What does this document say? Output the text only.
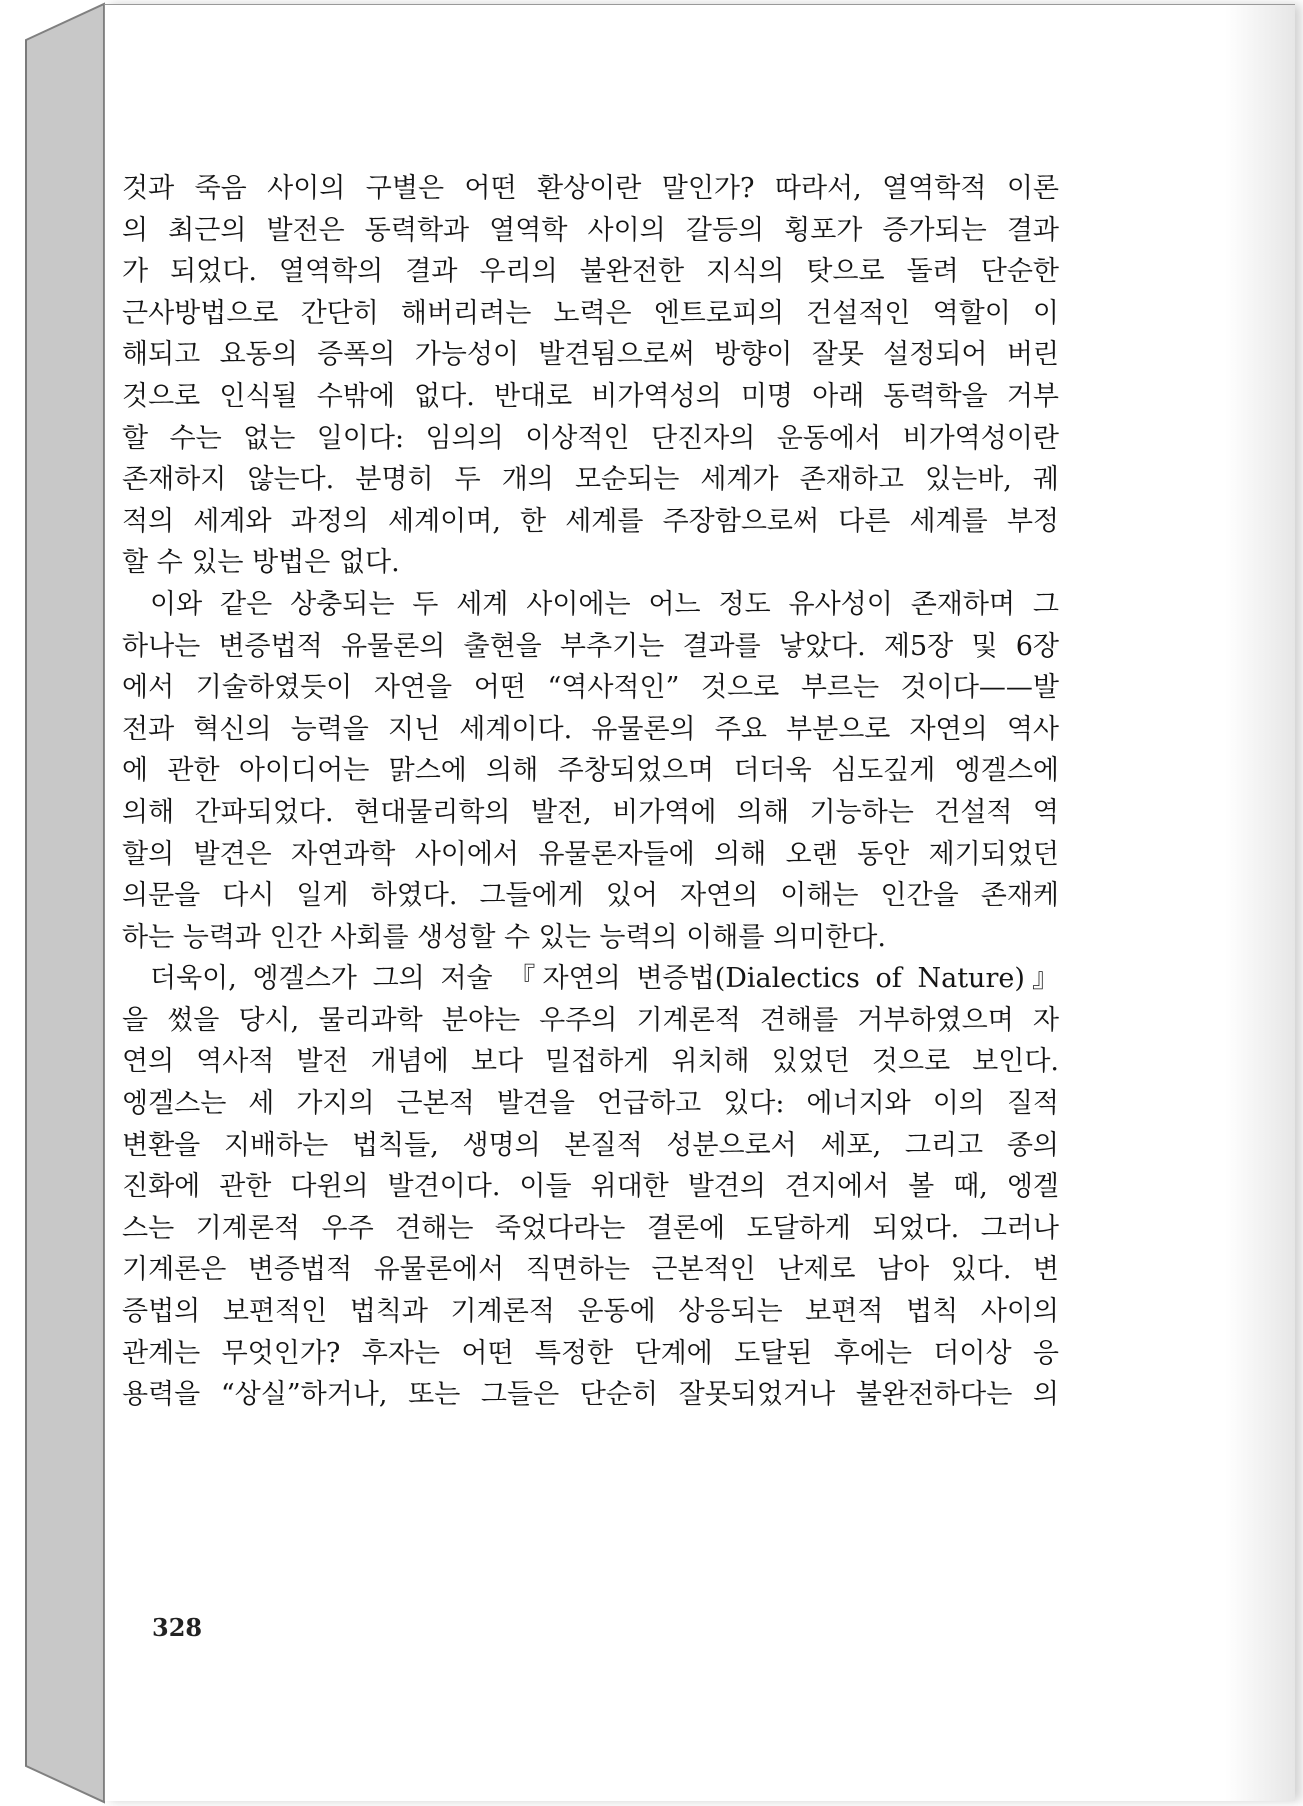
것과 죽음 사이의 구별은 어떤 환상이란 말인가? 따라서, 열역학적 이론
의 최근의 발전은 동력학과 열역학 사이의 갈등의 횡포가 증가되는 결과
가 되었다. 열역학의 결과 우리의 불완전한 지식의 탓으로 돌려 단순한
근사방법으로 간단히 해버리려는 노력은 엔트로피의 건설적인 역할이 이
해되고 요동의 증폭의 가능성이 발견됨으로써 방향이 잘못 설정되어 버린
것으로 인식될 수밖에 없다. 반대로 비가역성의 미명 아래 동력학을 거부
할 수는 없는 일이다: 임의의 이상적인 단진자의 운동에서 비가역성이란
존재하지 않는다. 분명히 두 개의 모순되는 세계가 존재하고 있는바, 궤
적의 세계와 과정의 세계이며, 한 세계를 주장함으로써 다른 세계를 부정
할 수 있는 방법은 없다.
이와 같은 상충되는 두 세계 사이에는 어느 정도 유사성이 존재하며 그
하나는 변증법적 유물론의 출현을 부추기는 결과를 낳았다. 제5장 및 6장
에서 기술하였듯이 자연을 어떤 “역사적인” 것으로 부르는 것이다——발
전과 혁신의 능력을 지닌 세계이다. 유물론의 주요 부분으로 자연의 역사
에 관한 아이디어는 맑스에 의해 주창되었으며 더더욱 심도깊게 엥겔스에
의해 간파되었다. 현대물리학의 발전, 비가역에 의해 기능하는 건설적 역
할의 발견은 자연과학 사이에서 유물론자들에 의해 오랜 동안 제기되었던
의문을 다시 일게 하였다. 그들에게 있어 자연의 이해는 인간을 존재케
하는 능력과 인간 사회를 생성할 수 있는 능력의 이해를 의미한다.
더욱이, 엥겔스가 그의 저술 『자연의 변증법(Dialectics of Nature)』
을 썼을 당시, 물리과학 분야는 우주의 기계론적 견해를 거부하였으며 자
연의 역사적 발전 개념에 보다 밀접하게 위치해 있었던 것으로 보인다.
엥겔스는 세 가지의 근본적 발견을 언급하고 있다: 에너지와 이의 질적
변환을 지배하는 법칙들, 생명의 본질적 성분으로서 세포, 그리고 종의
진화에 관한 다윈의 발견이다. 이들 위대한 발견의 견지에서 볼 때, 엥겔
스는 기계론적 우주 견해는 죽었다라는 결론에 도달하게 되었다. 그러나
기계론은 변증법적 유물론에서 직면하는 근본적인 난제로 남아 있다. 변
증법의 보편적인 법칙과 기계론적 운동에 상응되는 보편적 법칙 사이의
관계는 무엇인가? 후자는 어떤 특정한 단계에 도달된 후에는 더이상 응
용력을 “상실”하거나, 또는 그들은 단순히 잘못되었거나 불완전하다는 의
328
